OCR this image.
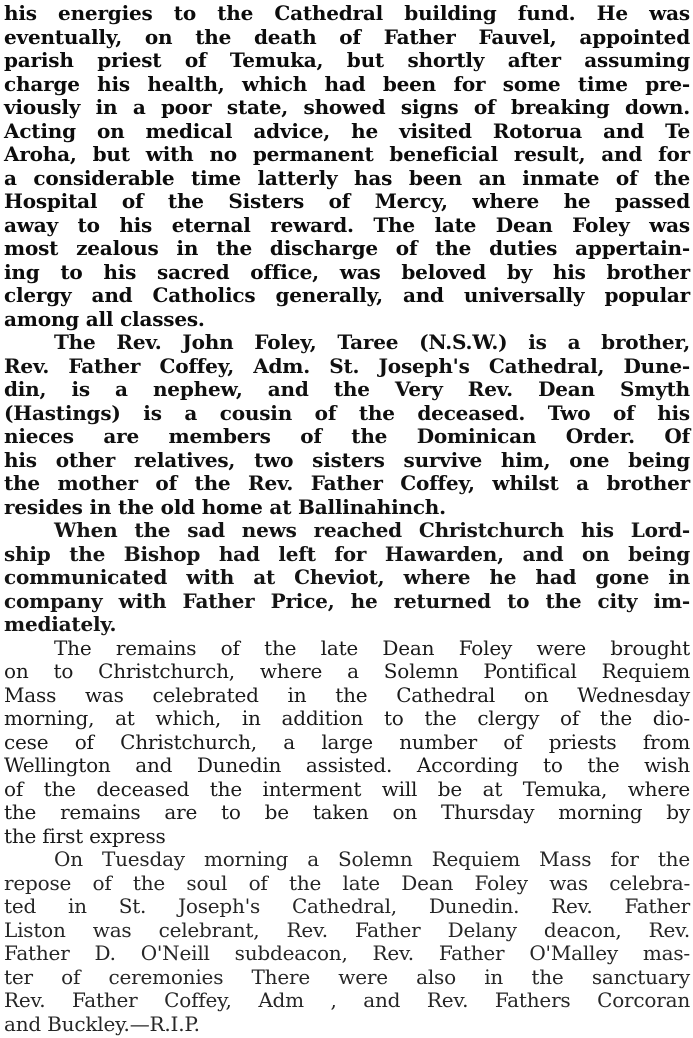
his energies to the Cathedral building fund. He was
eventually, on the death of Father Fauvel, appointed
parish priest of Temuka, but shortly after assuming
charge his health, which had been for some time pre-
viously in a poor state, showed signs of breaking down.
Acting on medical advice, he visited Rotorua and Te
Aroha, but with no permanent beneficial result, and for
a considerable time latterly has been an inmate of the
Hospital of the Sisters of Mercy, where he passed
away to his eternal reward. The late Dean Foley was
most zealous in the discharge of the duties appertain-
ing to his sacred office, was beloved by his brother
clergy and Catholics generally, and universally popular
among all classes.
The Rev. John Foley, Taree (N.S.W.) is a brother,
Rev. Father Coffey, Adm. St. Joseph's Cathedral, Dune-
din, is a nephew, and the Very Rev. Dean Smyth
(Hastings) is a cousin of the deceased. Two of his
nieces are members of the Dominican Order. Of
his other relatives, two sisters survive him, one being
the mother of the Rev. Father Coffey, whilst a brother
resides in the old home at Ballinahinch.
When the sad news reached Christchurch his Lord-
ship the Bishop had left for Hawarden, and on being
communicated with at Cheviot, where he had gone in
company with Father Price, he returned to the city im-
mediately.
The remains of the late Dean Foley were brought
on to Christchurch, where a Solemn Pontifical Requiem
Mass was celebrated in the Cathedral on Wednesday
morning, at which, in addition to the clergy of the dio-
cese of Christchurch, a large number of priests from
Wellington and Dunedin assisted. According to the wish
of the deceased the interment will be at Temuka, where
the remains are to be taken on Thursday morning by
the first express
On Tuesday morning a Solemn Requiem Mass for the
repose of the soul of the late Dean Foley was celebra-
ted in St. Joseph's Cathedral, Dunedin. Rev. Father
Liston was celebrant, Rev. Father Delany deacon, Rev.
Father D. O'Neill subdeacon, Rev. Father O'Malley mas-
ter of ceremonies There were also in the sanctuary
Rev. Father Coffey, Adm , and Rev. Fathers Corcoran
and Buckley.—R.I.P.
